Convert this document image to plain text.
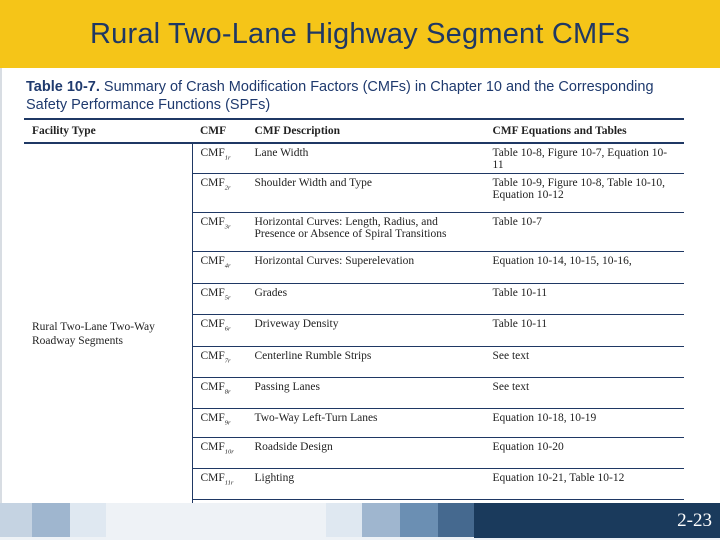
Rural Two-Lane Highway Segment CMFs
Table 10-7. Summary of Crash Modification Factors (CMFs) in Chapter 10 and the Corresponding Safety Performance Functions (SPFs)
Facility Type	CMF	CMF Description	CMF Equations and Tables

Rural Two-Lane Two-Way Roadway Segments	$CMF_{1r}$	Lane Width	Table 10-8, Figure 10-7, Equation 10-11
	$CMF_{2r}$	Shoulder Width and Type	Table 10-9, Figure 10-8, Table 10-10, Equation 10-12
	$CMF_{3r}$	Horizontal Curves: Length, Radius, and Presence or Absence of Spiral Transitions	Table 10-7
	$CMF_{4r}$	Horizontal Curves: Superelevation	Equation 10-14, 10-15, 10-16,
	$CMF_{5r}$	Grades	Table 10-11
	$CMF_{6r}$	Driveway Density	Table 10-11
	$CMF_{7r}$	Centerline Rumble Strips	See text
	$CMF_{8r}$	Passing Lanes	See text
	$CMF_{9r}$	Two-Way Left-Turn Lanes	Equation 10-18, 10-19
	$CMF_{10r}$	Roadside Design	Equation 10-20
	$CMF_{11r}$	Lighting	Equation 10-21, Table 10-12

2-23
